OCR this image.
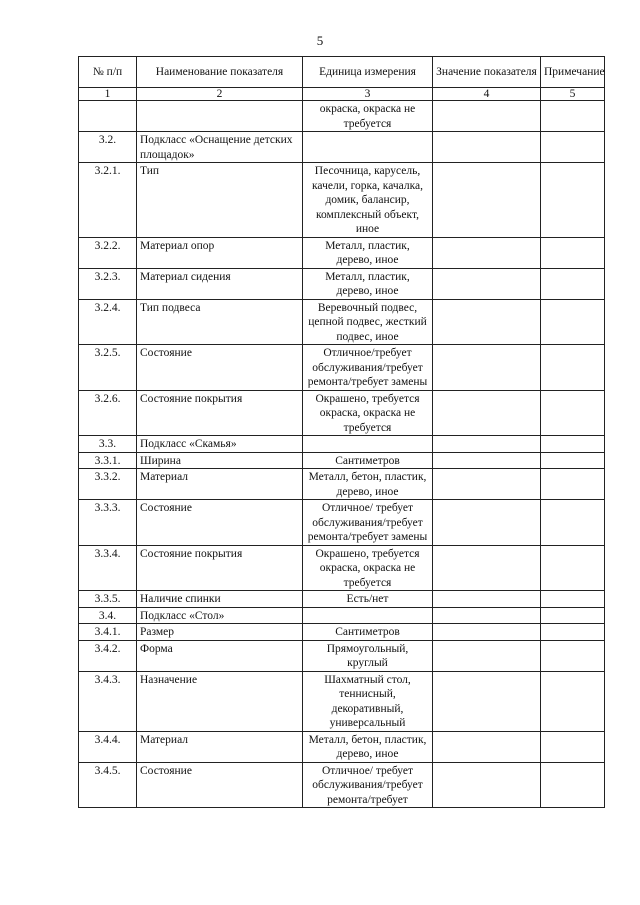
5
№ п/п	Наименование показателя	Единица измерения	Значение показателя	Примечание
1	2	3	4	5
		окраска, окраска не требуется		
3.2.	Подкласс «Оснащение детских площадок»			
3.2.1.	Тип	Песочница, карусель, качели, горка, качалка, домик, балансир, комплексный объект, иное		
3.2.2.	Материал опор	Металл, пластик, дерево, иное		
3.2.3.	Материал сидения	Металл, пластик, дерево, иное		
3.2.4.	Тип подвеса	Веревочный подвес, цепной подвес, жесткий подвес, иное		
3.2.5.	Состояние	Отличное/требует обслуживания/требует ремонта/требует замены		
3.2.6.	Состояние покрытия	Окрашено, требуется окраска, окраска не требуется		
3.3.	Подкласс «Скамья»			
3.3.1.	Ширина	Сантиметров		
3.3.2.	Материал	Металл, бетон, пластик, дерево, иное		
3.3.3.	Состояние	Отличное/ требует обслуживания/требует ремонта/требует замены		
3.3.4.	Состояние покрытия	Окрашено, требуется окраска, окраска не требуется		
3.3.5.	Наличие спинки	Есть/нет		
3.4.	Подкласс «Стол»			
3.4.1.	Размер	Сантиметров		
3.4.2.	Форма	Прямоугольный, круглый		
3.4.3.	Назначение	Шахматный стол, теннисный, декоративный, универсальный		
3.4.4.	Материал	Металл, бетон, пластик, дерево, иное		
3.4.5.	Состояние	Отличное/ требует обслуживания/требует ремонта/требует		
